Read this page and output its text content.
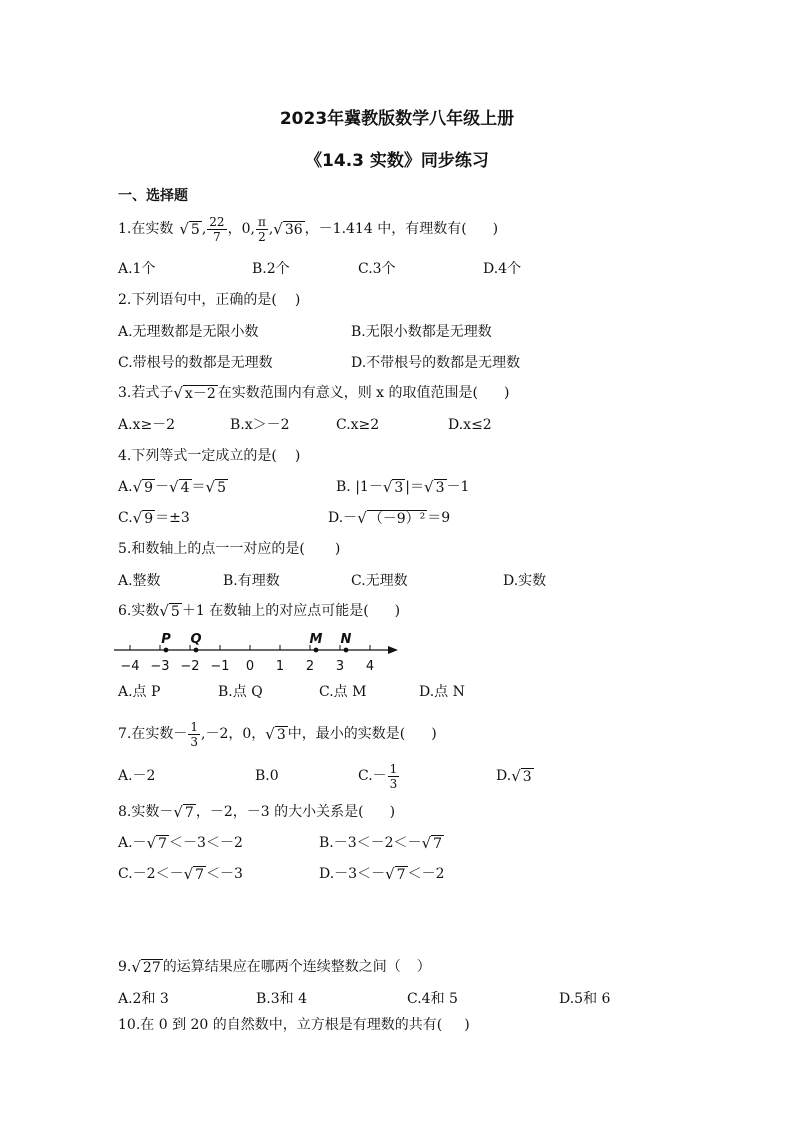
2023年冀教版数学八年级上册
《14.3 实数》同步练习
一、选择题
1.在实数 √ 5 , $\frac{22}{7}$ ， 0, $\frac{\pi}{2}$ , √ 36 ，－1.414 中，有理数有( )
A.1个	B.2个	C.3个	D.4个
2.下列语句中，正确的是( )
A.无理数都是无限小数	B.无限小数都是无理数
C.带根号的数都是无理数	D.不带根号的数都是无理数
3.若式子 √ x－2 在实数范围内有意义，则 x 的取值范围是( )
A.x≥－2	B.x＞－2	C.x≥2	D.x≤2
4.下列等式一定成立的是( )
A. √ 9 － √ 4 ＝ √ 5	B. |1－ √ 3 |＝ √ 3 －1
C. √ 9 ＝±3	D.－ √ （－9）² ＝9
5.和数轴上的点一一对应的是( )
A.整数	B.有理数	C.无理数	D.实数
6.实数 √ 5 ＋1 在数轴上的对应点可能是( )
−4 −3 −2 −1 0 1 2 3 4
P Q	M N
A.点 P	B.点 Q	C.点 M	D.点 N
7.在实数－ $\frac{1}{3} ,-2$，0， √ 3 中，最小的实数是( )
A.－2	B.0	$C.- \frac{1}{3}$	D. √ 3
8.实数－ √ 7 ，－2，－3 的大小关系是( )
A.－ √ 7 ＜－3＜－2	B.－3＜－2＜－ √ 7
C.－2＜－ √ 7 ＜－3	D.－3＜－ √ 7 ＜－2
9. √ 27 的运算结果应在哪两个连续整数之间（ ）
A.2和 3	B.3和 4	C.4和 5	D.5和 6
10.在 0 到 20 的自然数中，立方根是有理数的共有( )
